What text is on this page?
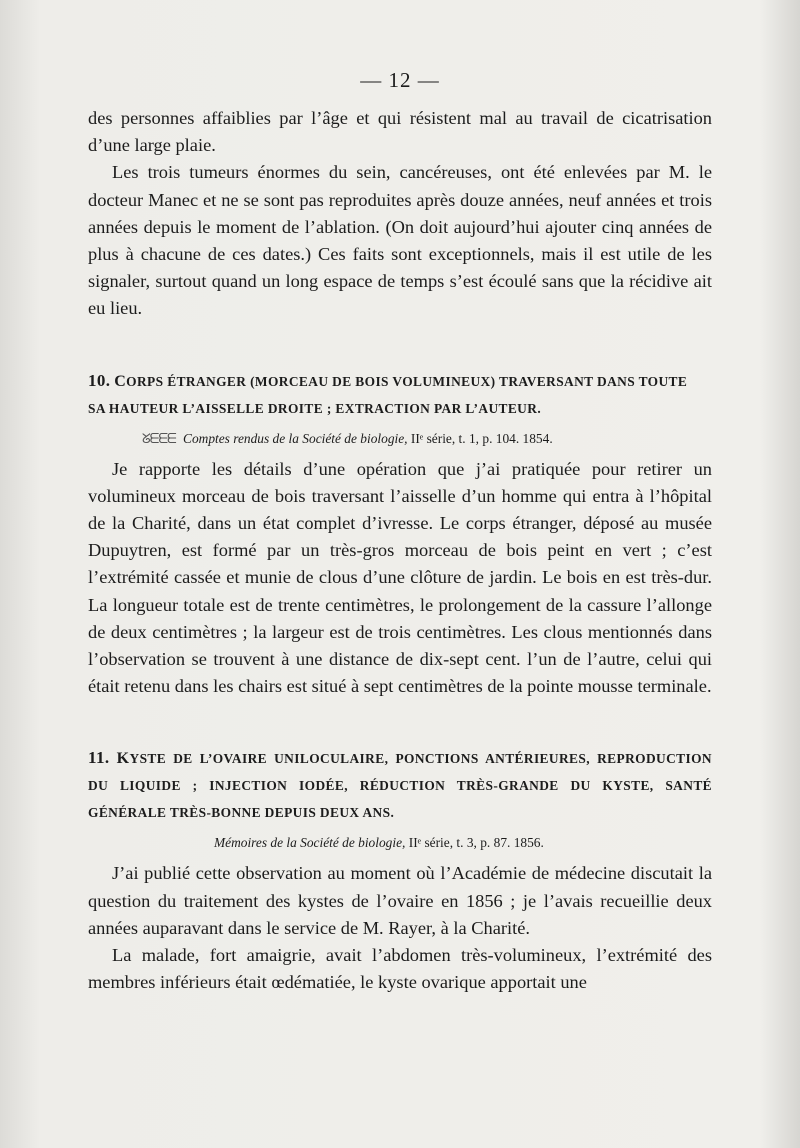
— 12 —

des personnes affaiblies par l’âge et qui résistent mal au travail de cicatrisation d’une large plaie.

Les trois tumeurs énormes du sein, cancéreuses, ont été enlevées par M. le docteur Manec et ne se sont pas reproduites après douze années, neuf années et trois années depuis le moment de l’ablation. (On doit aujourd’hui ajouter cinq années de plus à chacune de ces dates.) Ces faits sont exceptionnels, mais il est utile de les signaler, surtout quand un long espace de temps s’est écoulé sans que la récidive ait eu lieu.

10. CORPS ÉTRANGER (MORCEAU DE BOIS VOLUMINEUX) TRAVERSANT DANS TOUTE
SA HAUTEUR L’AISSELLE DROITE ; EXTRACTION PAR L’AUTEUR.
ᘜᗴᗴᗴ Comptes rendus de la Société de biologie, IIᵉ série, t. 1, p. 104. 1854.

Je rapporte les détails d’une opération que j’ai pratiquée pour retirer un volumineux morceau de bois traversant l’aisselle d’un homme qui entra à l’hôpital de la Charité, dans un état complet d’ivresse. Le corps étranger, déposé au musée Dupuytren, est formé par un très-gros morceau de bois peint en vert ; c’est l’extrémité cassée et munie de clous d’une clôture de jardin. Le bois en est très-dur. La longueur totale est de trente centimètres, le prolongement de la cassure l’allonge de deux centimètres ; la largeur est de trois centimètres. Les clous mentionnés dans l’observation se trouvent à une distance de dix-sept cent. l’un de l’autre, celui qui était retenu dans les chairs est situé à sept centimètres de la pointe mousse terminale.

11. KYSTE DE L’OVAIRE UNILOCULAIRE, PONCTIONS ANTÉRIEURES, REPRODUCTION DU LIQUIDE ; INJECTION IODÉE, RÉDUCTION TRÈS-GRANDE DU KYSTE, SANTÉ GÉNÉRALE TRÈS-BONNE DEPUIS DEUX ANS.
Mémoires de la Société de biologie, IIᵉ série, t. 3, p. 87. 1856.

J’ai publié cette observation au moment où l’Académie de médecine discutait la question du traitement des kystes de l’ovaire en 1856 ; je l’avais recueillie deux années auparavant dans le service de M. Rayer, à la Charité.

La malade, fort amaigrie, avait l’abdomen très-volumineux, l’extrémité des membres inférieurs était œdématiée, le kyste ovarique apportait une
